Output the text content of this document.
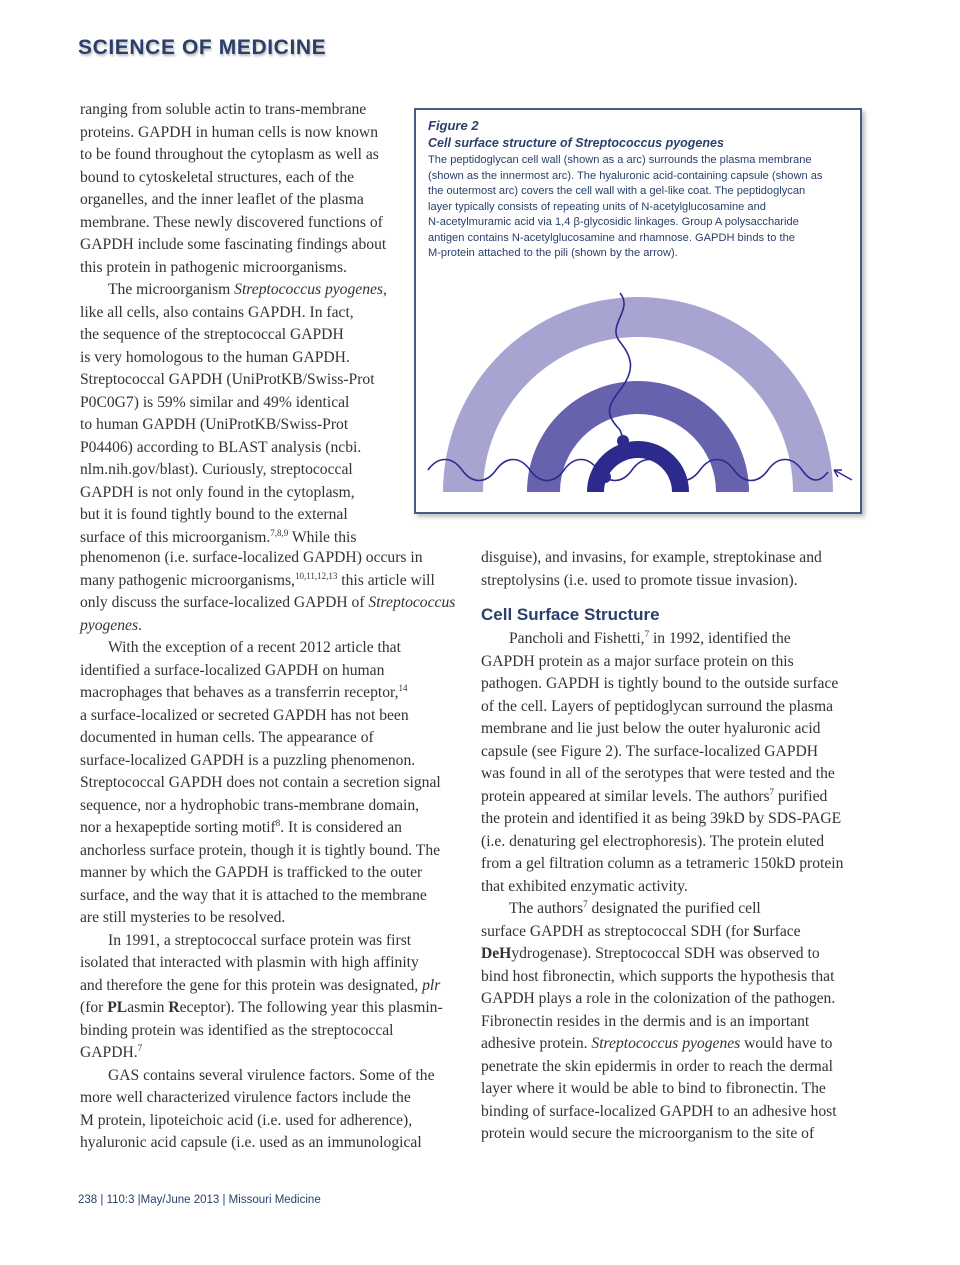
SCIENCE OF MEDICINE

ranging from soluble actin to trans-membrane
proteins. GAPDH in human cells is now known
to be found throughout the cytoplasm as well as
bound to cytoskeletal structures, each of the
organelles, and the inner leaflet of the plasma
membrane. These newly discovered functions of
GAPDH include some fascinating findings about
this protein in pathogenic microorganisms.

The microorganism Streptococcus pyogenes,
like all cells, also contains GAPDH. In fact,
the sequence of the streptococcal GAPDH
is very homologous to the human GAPDH.
Streptococcal GAPDH (UniProtKB/Swiss-Prot
P0C0G7) is 59% similar and 49% identical
to human GAPDH (UniProtKB/Swiss-Prot
P04406) according to BLAST analysis (ncbi.
nlm.nih.gov/blast). Curiously, streptococcal
GAPDH is not only found in the cytoplasm,
but it is found tightly bound to the external
surface of this microorganism.$^{7,8,9}$ While this

Figure 2

Cell surface structure of Streptococcus pyogenes

The peptidoglycan cell wall (shown as a arc) surrounds the plasma membrane
(shown as the innermost arc). The hyaluronic acid-containing capsule (shown as
the outermost arc) covers the cell wall with a gel-like coat. The peptidoglycan
layer typically consists of repeating units of N-acetylglucosamine and
N-acetylmuramic acid via 1,4 β-glycosidic linkages. Group A polysaccharide
antigen contains N-acetylglucosamine and rhamnose. GAPDH binds to the
M-protein attached to the pili (shown by the arrow).

phenomenon (i.e. surface-localized GAPDH) occurs in
many pathogenic microorganisms,$^{10,11,12,13}$ this article will
only discuss the surface-localized GAPDH of Streptococcus
pyogenes.

With the exception of a recent 2012 article that
identified a surface-localized GAPDH on human
macrophages that behaves as a transferrin receptor,$^{14}$
a surface-localized or secreted GAPDH has not been
documented in human cells. The appearance of
surface-localized GAPDH is a puzzling phenomenon.
Streptococcal GAPDH does not contain a secretion signal
sequence, nor a hydrophobic trans-membrane domain,
nor a hexapeptide sorting motif$^8$. It is considered an
anchorless surface protein, though it is tightly bound. The
manner by which the GAPDH is trafficked to the outer
surface, and the way that it is attached to the membrane
are still mysteries to be resolved.

In 1991, a streptococcal surface protein was first
isolated that interacted with plasmin with high affinity
and therefore the gene for this protein was designated, plr
(for PLasmin Receptor). The following year this plasmin-
binding protein was identified as the streptococcal
GAPDH.$^7$

GAS contains several virulence factors. Some of the
more well characterized virulence factors include the
M protein, lipoteichoic acid (i.e. used for adherence),
hyaluronic acid capsule (i.e. used as an immunological

disguise), and invasins, for example, streptokinase and
streptolysins (i.e. used to promote tissue invasion).

Cell Surface Structure

Pancholi and Fishetti,$^7$ in 1992, identified the
GAPDH protein as a major surface protein on this
pathogen. GAPDH is tightly bound to the outside surface
of the cell. Layers of peptidoglycan surround the plasma
membrane and lie just below the outer hyaluronic acid
capsule (see Figure 2). The surface-localized GAPDH
was found in all of the serotypes that were tested and the
protein appeared at similar levels. The authors$^7$ purified
the protein and identified it as being 39kD by SDS-PAGE
(i.e. denaturing gel electrophoresis). The protein eluted
from a gel filtration column as a tetrameric 150kD protein
that exhibited enzymatic activity.

The authors$^7$ designated the purified cell
surface GAPDH as streptococcal SDH (for Surface
DeHydrogenase). Streptococcal SDH was observed to
bind host fibronectin, which supports the hypothesis that
GAPDH plays a role in the colonization of the pathogen.
Fibronectin resides in the dermis and is an important
adhesive protein. Streptococcus pyogenes would have to
penetrate the skin epidermis in order to reach the dermal
layer where it would be able to bind to fibronectin. The
binding of surface-localized GAPDH to an adhesive host
protein would secure the microorganism to the site of

238 | 110:3 |May/June 2013 | Missouri Medicine
